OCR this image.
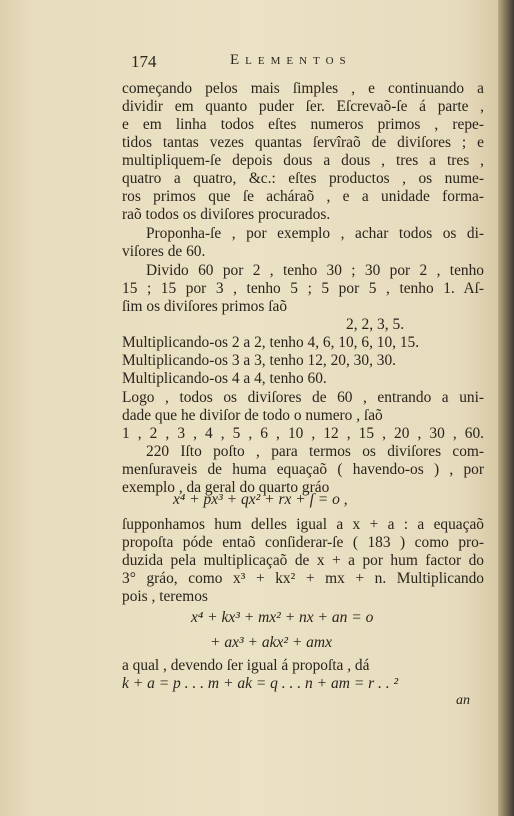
174	Elementos
começando pelos mais ſimples , e continuando a
dividir em quanto puder ſer. Eſcrevaõ-ſe á parte ,
e em linha todos eſtes numeros primos , repe-
tidos tantas vezes quantas ſervîraõ de diviſores ; e
multipliquem-ſe depois dous a dous , tres a tres ,
quatro a quatro, &c.: eſtes productos , os nume-
ros primos que ſe acháraõ , e a unidade forma-
raõ todos os diviſores procurados.
Proponha-ſe , por exemplo , achar todos os di-
viſores de 60.
Divido 60 por 2 , tenho 30 ; 30 por 2 , tenho
15 ; 15 por 3 , tenho 5 ; 5 por 5 , tenho 1. Aſ-
ſim os diviſores primos ſaõ
2, 2, 3, 5.
Multiplicando-os 2 a 2, tenho 4, 6, 10, 6, 10, 15.
Multiplicando-os 3 a 3, tenho 12, 20, 30, 30.
Multiplicando-os 4 a 4, tenho 60.
Logo , todos os diviſores de 60 , entrando a uni-
dade que he diviſor de todo o numero , ſaõ
1 , 2 , 3 , 4 , 5 , 6 , 10 , 12 , 15 , 20 , 30 , 60.
220 Iſto poſto , para termos os diviſores com-
menſuraveis de huma equaçaõ ( havendo-os ) , por
exemplo , da geral do quarto gráo
x⁴ + px³ + qx² + rx + ſ = o ,
ſupponhamos hum delles igual a x + a : a equaçaõ
propoſta póde entaõ conſiderar-ſe ( 183 ) como pro-
duzida pela multiplicaçaõ de x + a por hum factor do
3° gráo, como x³ + kx² + mx + n. Multiplicando
pois , teremos
x⁴ + kx³ + mx² + nx + an = o
+ ax³ + akx² + amx
a qual , devendo ſer igual á propoſta , dá
k + a = p . . . m + ak = q . . . n + am = r . . ²
an
